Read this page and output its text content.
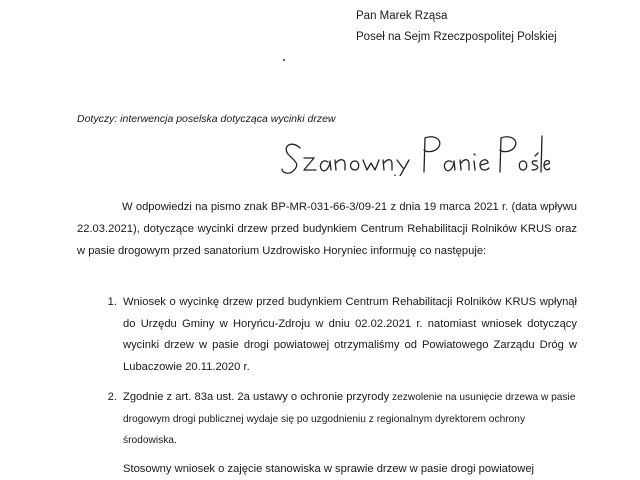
Pan Marek Rząsa
Poseł na Sejm Rzeczpospolitej Polskiej
Dotyczy: interwencja poselska dotycząca wycinki drzew

W odpowiedzi na pismo znak BP-MR-031-66-3/09-21 z dnia 19 marca 2021 r. (data wpływu 22.03.2021), dotyczące wycinki drzew przed budynkiem Centrum Rehabilitacji Rolników KRUS oraz w pasie drogowym przed sanatorium Uzdrowisko Horyniec informuję co następuje:

1. Wniosek o wycinkę drzew przed budynkiem Centrum Rehabilitacji Rolników KRUS wpłynął do Urzędu Gminy w Horyńcu-Zdroju w dniu 02.02.2021 r. natomiast wniosek dotyczący wycinki drzew w pasie drogi powiatowej otrzymaliśmy od Powiatowego Zarządu Dróg w Lubaczowie 20.11.2020 r.
2. Zgodnie z art. 83a ust. 2a ustawy o ochronie przyrody zezwolenie na usunięcie drzewa w pasie drogowym drogi publicznej wydaje się po uzgodnieniu z regionalnym dyrektorem ochrony środowiska.
Stosowny wniosek o zajęcie stanowiska w sprawie drzew w pasie drogi powiatowej
